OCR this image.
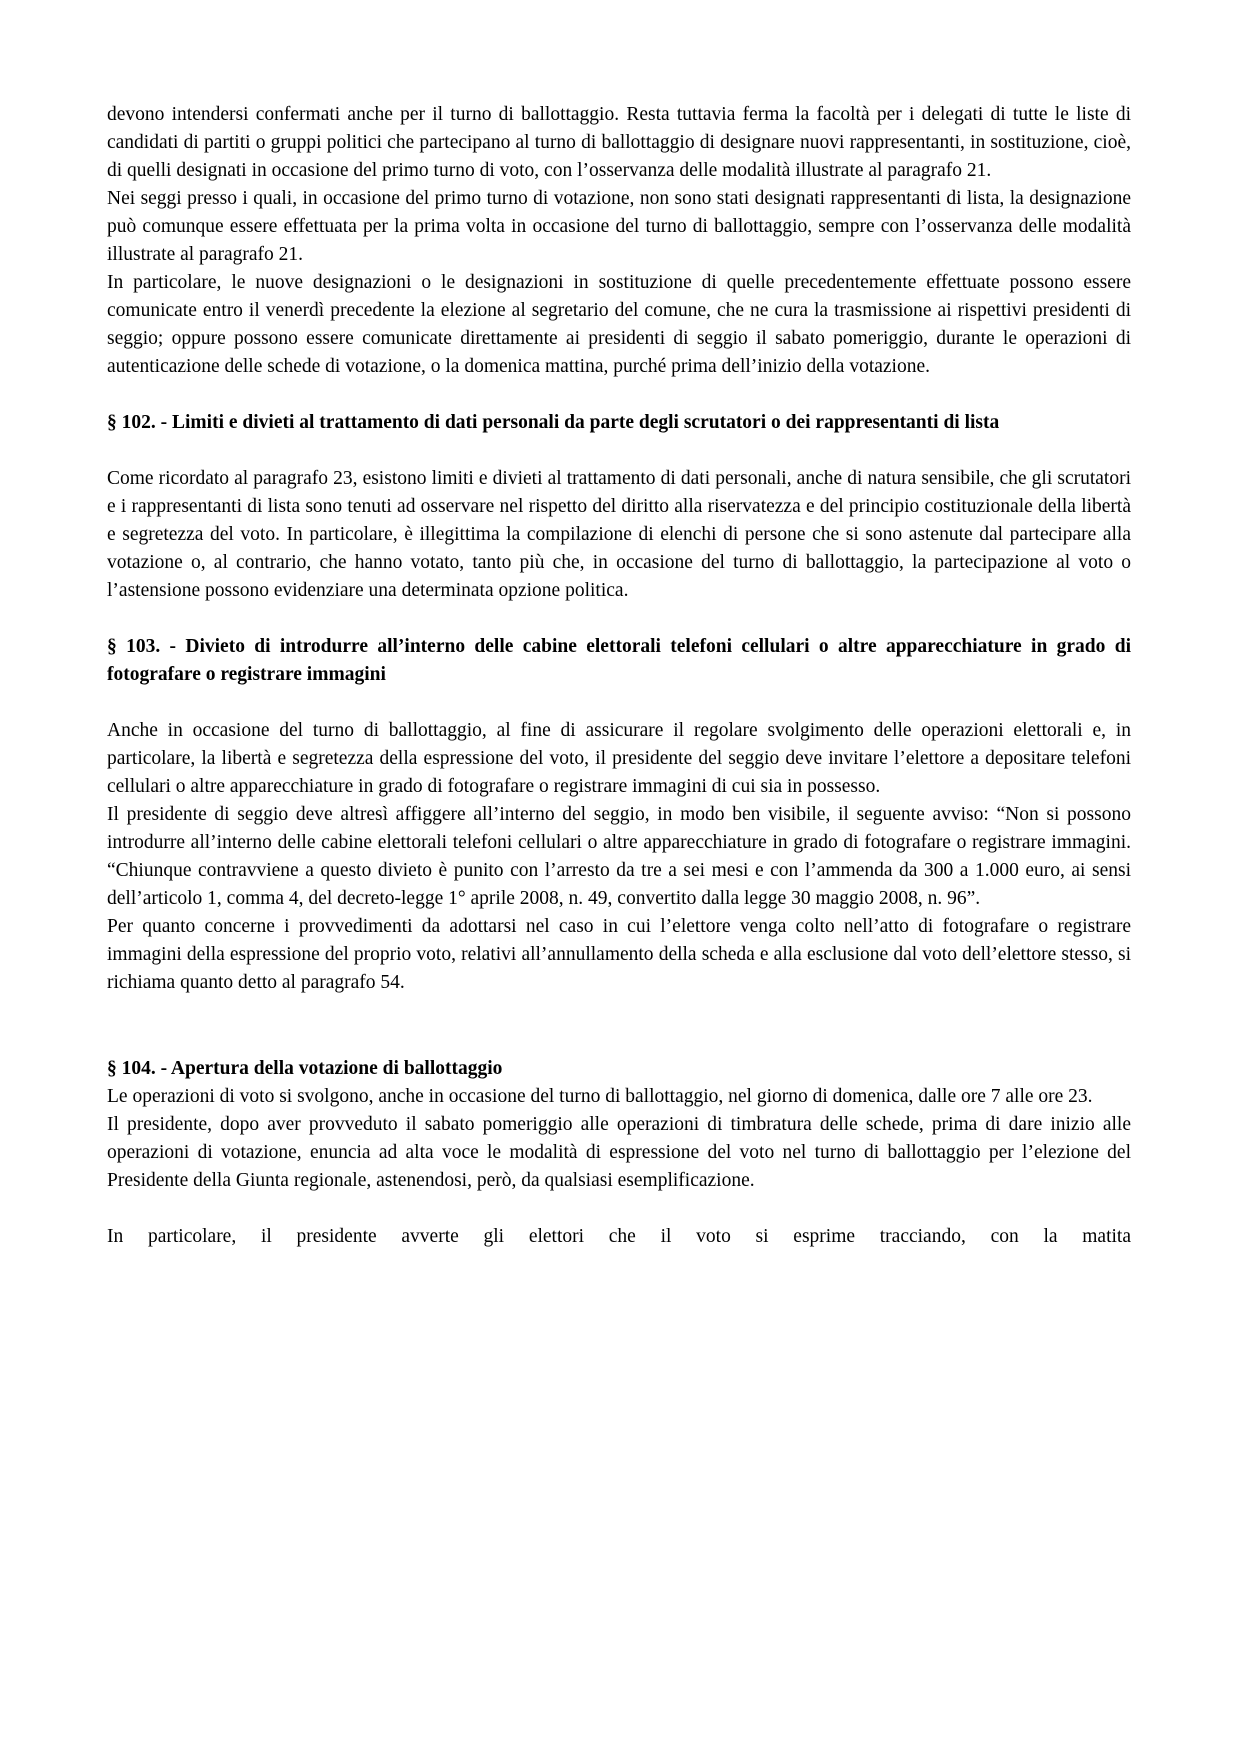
devono intendersi confermati anche per il turno di ballottaggio. Resta tuttavia ferma la facoltà per i delegati di tutte le liste di candidati di partiti o gruppi politici che partecipano al turno di ballottaggio di designare nuovi rappresentanti, in sostituzione, cioè, di quelli designati in occasione del primo turno di voto, con l’osservanza delle modalità illustrate al paragrafo 21.

Nei seggi presso i quali, in occasione del primo turno di votazione, non sono stati designati rappresentanti di lista, la designazione può comunque essere effettuata per la prima volta in occasione del turno di ballottaggio, sempre con l’osservanza delle modalità illustrate al paragrafo 21.

In particolare, le nuove designazioni o le designazioni in sostituzione di quelle precedentemente effettuate possono essere comunicate entro il venerdì precedente la elezione al segretario del comune, che ne cura la trasmissione ai rispettivi presidenti di seggio; oppure possono essere comunicate direttamente ai presidenti di seggio il sabato pomeriggio, durante le operazioni di autenticazione delle schede di votazione, o la domenica mattina, purché prima dell’inizio della votazione.

§ 102. - Limiti e divieti al trattamento di dati personali da parte degli scrutatori o dei rappresentanti di lista

Come ricordato al paragrafo 23, esistono limiti e divieti al trattamento di dati personali, anche di natura sensibile, che gli scrutatori e i rappresentanti di lista sono tenuti ad osservare nel rispetto del diritto alla riservatezza e del principio costituzionale della libertà e segretezza del voto. In particolare, è illegittima la compilazione di elenchi di persone che si sono astenute dal partecipare alla votazione o, al contrario, che hanno votato, tanto più che, in occasione del turno di ballottaggio, la partecipazione al voto o l’astensione possono evidenziare una determinata opzione politica.

§ 103. - Divieto di introdurre all’interno delle cabine elettorali telefoni cellulari o altre apparecchiature in grado di fotografare o registrare immagini

Anche in occasione del turno di ballottaggio, al fine di assicurare il regolare svolgimento delle operazioni elettorali e, in particolare, la libertà e segretezza della espressione del voto, il presidente del seggio deve invitare l’elettore a depositare telefoni cellulari o altre apparecchiature in grado di fotografare o registrare immagini di cui sia in possesso.

Il presidente di seggio deve altresì affiggere all’interno del seggio, in modo ben visibile, il seguente avviso: “Non si possono introdurre all’interno delle cabine elettorali telefoni cellulari o altre apparecchiature in grado di fotografare o registrare immagini. “Chiunque contravviene a questo divieto è punito con l’arresto da tre a sei mesi e con l’ammenda da 300 a 1.000 euro, ai sensi dell’articolo 1, comma 4, del decreto-legge 1° aprile 2008, n. 49, convertito dalla legge 30 maggio 2008, n. 96”.

Per quanto concerne i provvedimenti da adottarsi nel caso in cui l’elettore venga colto nell’atto di fotografare o registrare immagini della espressione del proprio voto, relativi all’annullamento della scheda e alla esclusione dal voto dell’elettore stesso, si richiama quanto detto al paragrafo 54.

§ 104. - Apertura della votazione di ballottaggio

Le operazioni di voto si svolgono, anche in occasione del turno di ballottaggio, nel giorno di domenica, dalle ore 7 alle ore 23.

Il presidente, dopo aver provveduto il sabato pomeriggio alle operazioni di timbratura delle schede, prima di dare inizio alle operazioni di votazione, enuncia ad alta voce le modalità di espressione del voto nel turno di ballottaggio per l’elezione del Presidente della Giunta regionale, astenendosi, però, da qualsiasi esemplificazione.

In particolare, il presidente avverte gli elettori che il voto si esprime tracciando, con la matita
